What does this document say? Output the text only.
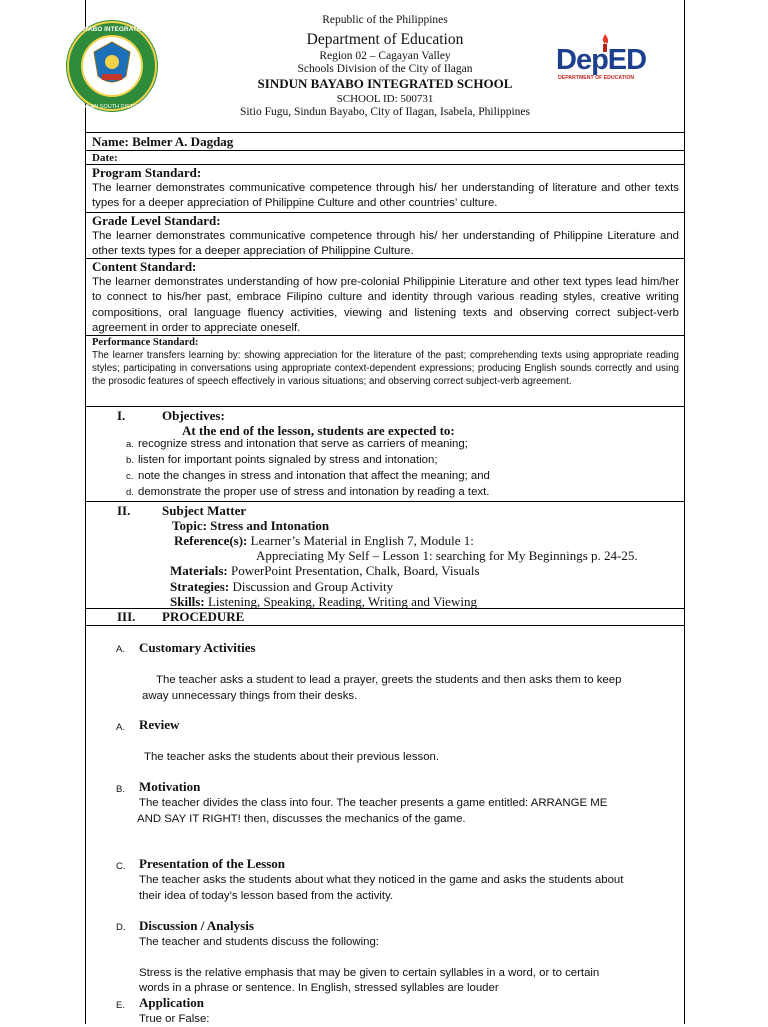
SINDUN BAYABO INTEGRATED SCHOOL
ILAGAN SOUTH DISTRICT
Republic of the Philippines
Department of Education
Region 02 – Cagayan Valley
Schools Division of the City of Ilagan
SINDUN BAYABO INTEGRATED SCHOOL
SCHOOL ID: 500731
Sitio Fugu, Sindun Bayabo, City of Ilagan, Isabela, Philippines
DepED
DEPARTMENT OF EDUCATION
Name: Belmer A. Dagdag
Date:
Program Standard:
The learner demonstrates communicative competence through his/ her understanding of literature and other texts types for a deeper appreciation of Philippine Culture and other countries’ culture.
Grade Level Standard:
The learner demonstrates communicative competence through his/ her understanding of Philippine Literature and other texts types for a deeper appreciation of Philippine Culture.
Content Standard:
The learner demonstrates understanding of how pre-colonial Philippinie Literature and other text types lead him/her to connect to his/her past, embrace Filipino culture and identity through various reading styles, creative writing compositions, oral language fluency activities, viewing and listening texts and observing correct subject-verb agreement in order to appreciate oneself.
Performance Standard:
The learner transfers learning by: showing appreciation for the literature of the past; comprehending texts using appropriate reading styles; participating in conversations using appropriate context-dependent expressions; producing English sounds correctly and using the prosodic features of speech effectively in various situations; and observing correct subject-verb agreement.
I.	Objectives:
At the end of the lesson, students are expected to:
a. recognize stress and intonation that serve as carriers of meaning;
b. listen for important points signaled by stress and intonation;
c. note the changes in stress and intonation that affect the meaning; and
d. demonstrate the proper use of stress and intonation by reading a text.
II. Subject Matter
Topic: Stress and Intonation
Reference(s): Learner’s Material in English 7, Module 1:
Appreciating My Self – Lesson 1: searching for My Beginnings p. 24-25.
Materials: PowerPoint Presentation, Chalk, Board, Visuals
Strategies: Discussion and Group Activity
Skills: Listening, Speaking, Reading, Writing and Viewing
III. PROCEDURE
A. Customary Activities
The teacher asks a student to lead a prayer, greets the students and then asks them to keep
away unnecessary things from their desks.
A. Review
The teacher asks the students about their previous lesson.
B. Motivation
The teacher divides the class into four. The teacher presents a game entitled: ARRANGE ME
AND SAY IT RIGHT! then, discusses the mechanics of the game.
C. Presentation of the Lesson
The teacher asks the students about what they noticed in the game and asks the students about
their idea of today’s lesson based from the activity.
D. Discussion / Analysis
The teacher and students discuss the following:
Stress is the relative emphasis that may be given to certain syllables in a word, or to certain
words in a phrase or sentence. In English, stressed syllables are louder
E. Application
True or False:
